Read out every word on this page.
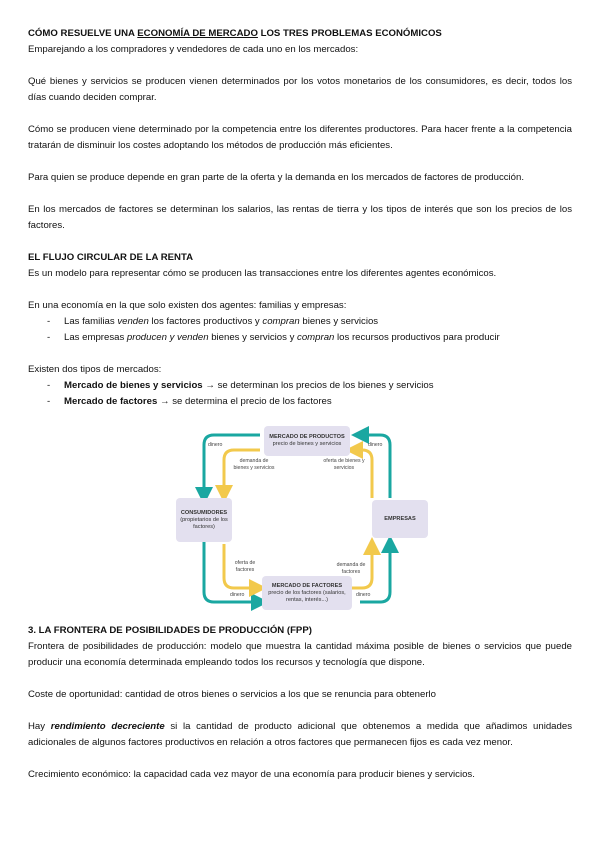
CÓMO RESUELVE UNA ECONOMÍA DE MERCADO LOS TRES PROBLEMAS ECONÓMICOS

Emparejando a los compradores y vendedores de cada uno en los mercados:

Qué bienes y servicios se producen vienen determinados por los votos monetarios de los consumidores, es decir, todos los días cuando deciden comprar.

Cómo se producen viene determinado por la competencia entre los diferentes productores. Para hacer frente a la competencia tratarán de disminuir los costes adoptando los métodos de producción más eficientes.

Para quien se produce depende en gran parte de la oferta y la demanda en los mercados de factores de producción.

En los mercados de factores se determinan los salarios, las rentas de tierra y los tipos de interés que son los precios de los factores.

EL FLUJO CIRCULAR DE LA RENTA

Es un modelo para representar cómo se producen las transacciones entre los diferentes agentes económicos.

En una economía en la que solo existen dos agentes: familias y empresas:

- Las familias venden los factores productivos y compran bienes y servicios
- Las empresas producen y venden bienes y servicios y compran los recursos productivos para producir

Existen dos tipos de mercados:

- Mercado de bienes y servicios → se determinan los precios de los bienes y servicios
- Mercado de factores → se determina el precio de los factores
MERCADO DE PRODUCTOS
precio de bienes y servicios
CONSUMIDORES
(propietarios de los factores)
EMPRESAS
MERCADO DE FACTORES
precio de los factores (salarios, rentas, interés...)
dinero	dinero
dinero	dinero
demanda de bienes y servicios
oferta de bienes y servicios
oferta de factores
demanda de factores

3. LA FRONTERA DE POSIBILIDADES DE PRODUCCIÓN (FPP)

Frontera de posibilidades de producción: modelo que muestra la cantidad máxima posible de bienes o servicios que puede producir una economía determinada empleando todos los recursos y tecnología que dispone.

Coste de oportunidad: cantidad de otros bienes o servicios a los que se renuncia para obtenerlo

Hay rendimiento decreciente si la cantidad de producto adicional que obtenemos a medida que añadimos unidades adicionales de algunos factores productivos en relación a otros factores que permanecen fijos es cada vez menor.

Crecimiento económico: la capacidad cada vez mayor de una economía para producir bienes y servicios.
